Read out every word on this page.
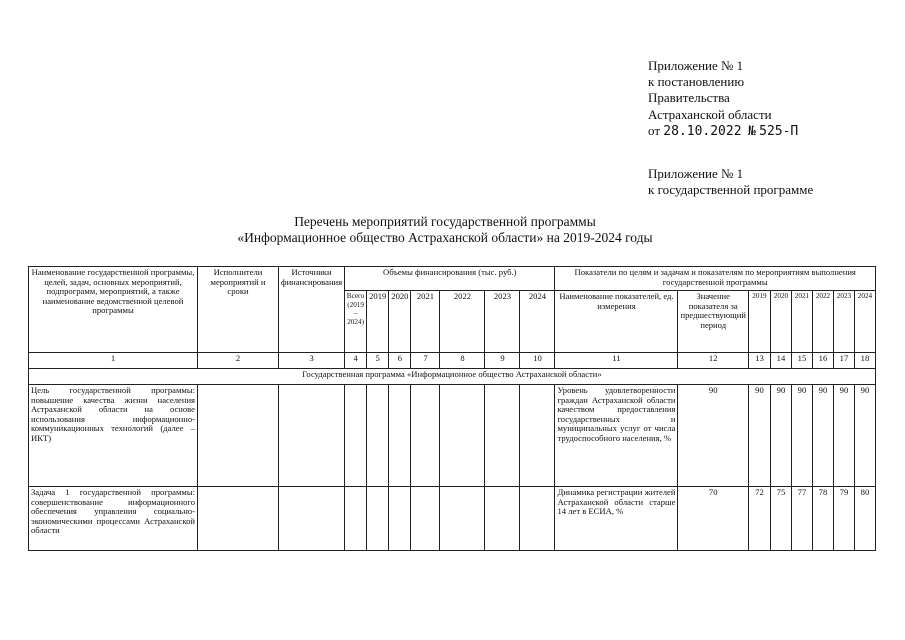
Приложение № 1
к постановлению
Правительства
Астраханской области
от 28.10.2022 № 525-П
Приложение № 1
к государственной программе
Перечень мероприятий государственной программы
«Информационное общество Астраханской области» на 2019-2024 годы
Наименование государственной программы, целей, задач, основных мероприятий, подпрограмм, мероприятий, а также наименование ведомственной целевой программы	Исполнители мероприятий и сроки	Источники финансирования	Объемы финансирования (тыс. руб.)							Показатели по целям и задачам и показателям по мероприятиям выполнения государственной программы							
			Всего (2019 – 2024)	2019	2020	2021	2022	2023	2024	Наименование показателей, ед. измерения	Значение показателя за предшествующий период	2019	2020	2021	2022	2023	2024
1	2	3	4	5	6	7	8	9	10	11	12	13	14	15	16	17	18
Государственная программа «Информационное общество Астраханской области»																	
Цель государственной программы: повышение качества жизни населения Астраханской области на основе использования информационно-коммуникационных технологий (далее – ИКТ)										Уровень удовлетворенности граждан Астраханской области качеством предоставления государственных и муниципальных услуг от числа трудоспособного населения, %	90	90	90	90	90	90	90
Задача 1 государственной программы: совершенствование информационного обеспечения управления социально-экономическими процессами Астраханской области										Динамика регистрации жителей Астраханской области старше 14 лет в ЕСИА, %	70	72	75	77	78	79	80
